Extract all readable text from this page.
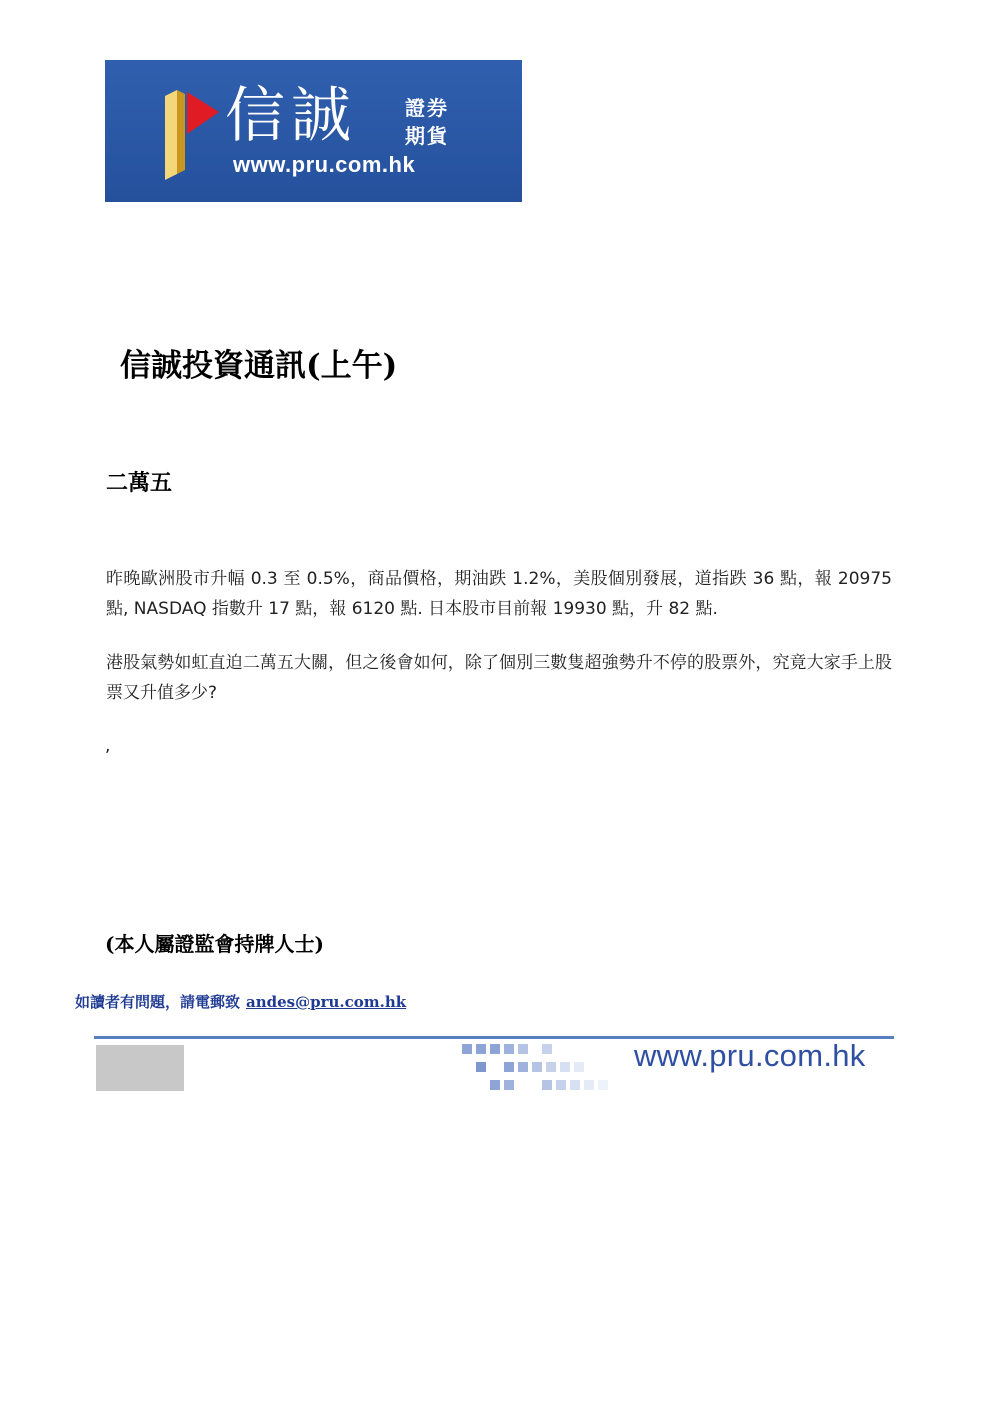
信誠 證券
期貨
www.pru.com.hk
信誠投資通訊(上午)
二萬五

昨晚歐洲股市升幅 0.3 至 0.5%，商品價格，期油跌 1.2%，美股個別發展，道指跌 36 點，報 20975 點, NASDAQ 指數升 17 點，報 6120 點. 日本股市目前報 19930 點，升 82 點.

港股氣勢如虹直迫二萬五大關，但之後會如何，除了個別三數隻超強勢升不停的股票外，究竟大家手上股票又升值多少?

,

(本人屬證監會持牌人士)

如讀者有問題，請電郵致 andes@pru.com.hk
www.pru.com.hk
